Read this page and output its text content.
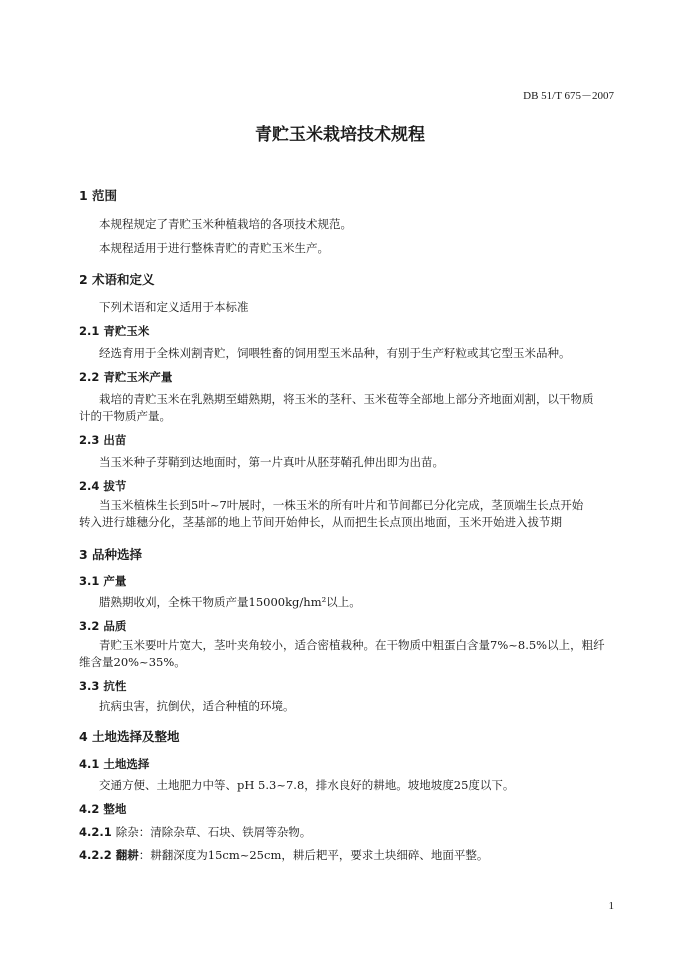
DB 51/T 675－2007
青贮玉米栽培技术规程
1 范围
本规程规定了青贮玉米种植栽培的各项技术规范。
本规程适用于进行整株青贮的青贮玉米生产。
2 术语和定义
下列术语和定义适用于本标准
2.1 青贮玉米
经选育用于全株刈割青贮，饲喂牲畜的饲用型玉米品种，有别于生产籽粒或其它型玉米品种。
2.2 青贮玉米产量
栽培的青贮玉米在乳熟期至蜡熟期，将玉米的茎秆、玉米苞等全部地上部分齐地面刈割，以干物质
计的干物质产量。
2.3 出苗
当玉米种子芽鞘到达地面时，第一片真叶从胚芽鞘孔伸出即为出苗。
2.4 拔节
当玉米植株生长到5叶~7叶展时，一株玉米的所有叶片和节间都已分化完成，茎顶端生长点开始
转入进行雄穗分化，茎基部的地上节间开始伸长，从而把生长点顶出地面，玉米开始进入拔节期
3 品种选择
3.1 产量
腊熟期收刈，全株干物质产量15000kg/hm²以上。
3.2 品质
青贮玉米要叶片宽大，茎叶夹角较小，适合密植栽种。在干物质中粗蛋白含量7%~8.5%以上，粗纤
维含量20%~35%。
3.3 抗性
抗病虫害，抗倒伏，适合种植的环境。
4 土地选择及整地
4.1 土地选择
交通方便、土地肥力中等、pH 5.3~7.8，排水良好的耕地。坡地坡度25度以下。
4.2 整地
4.2.1 除杂：清除杂草、石块、铁屑等杂物。
4.2.2 翻耕：耕翻深度为15cm~25cm，耕后耙平，要求土块细碎、地面平整。
1
